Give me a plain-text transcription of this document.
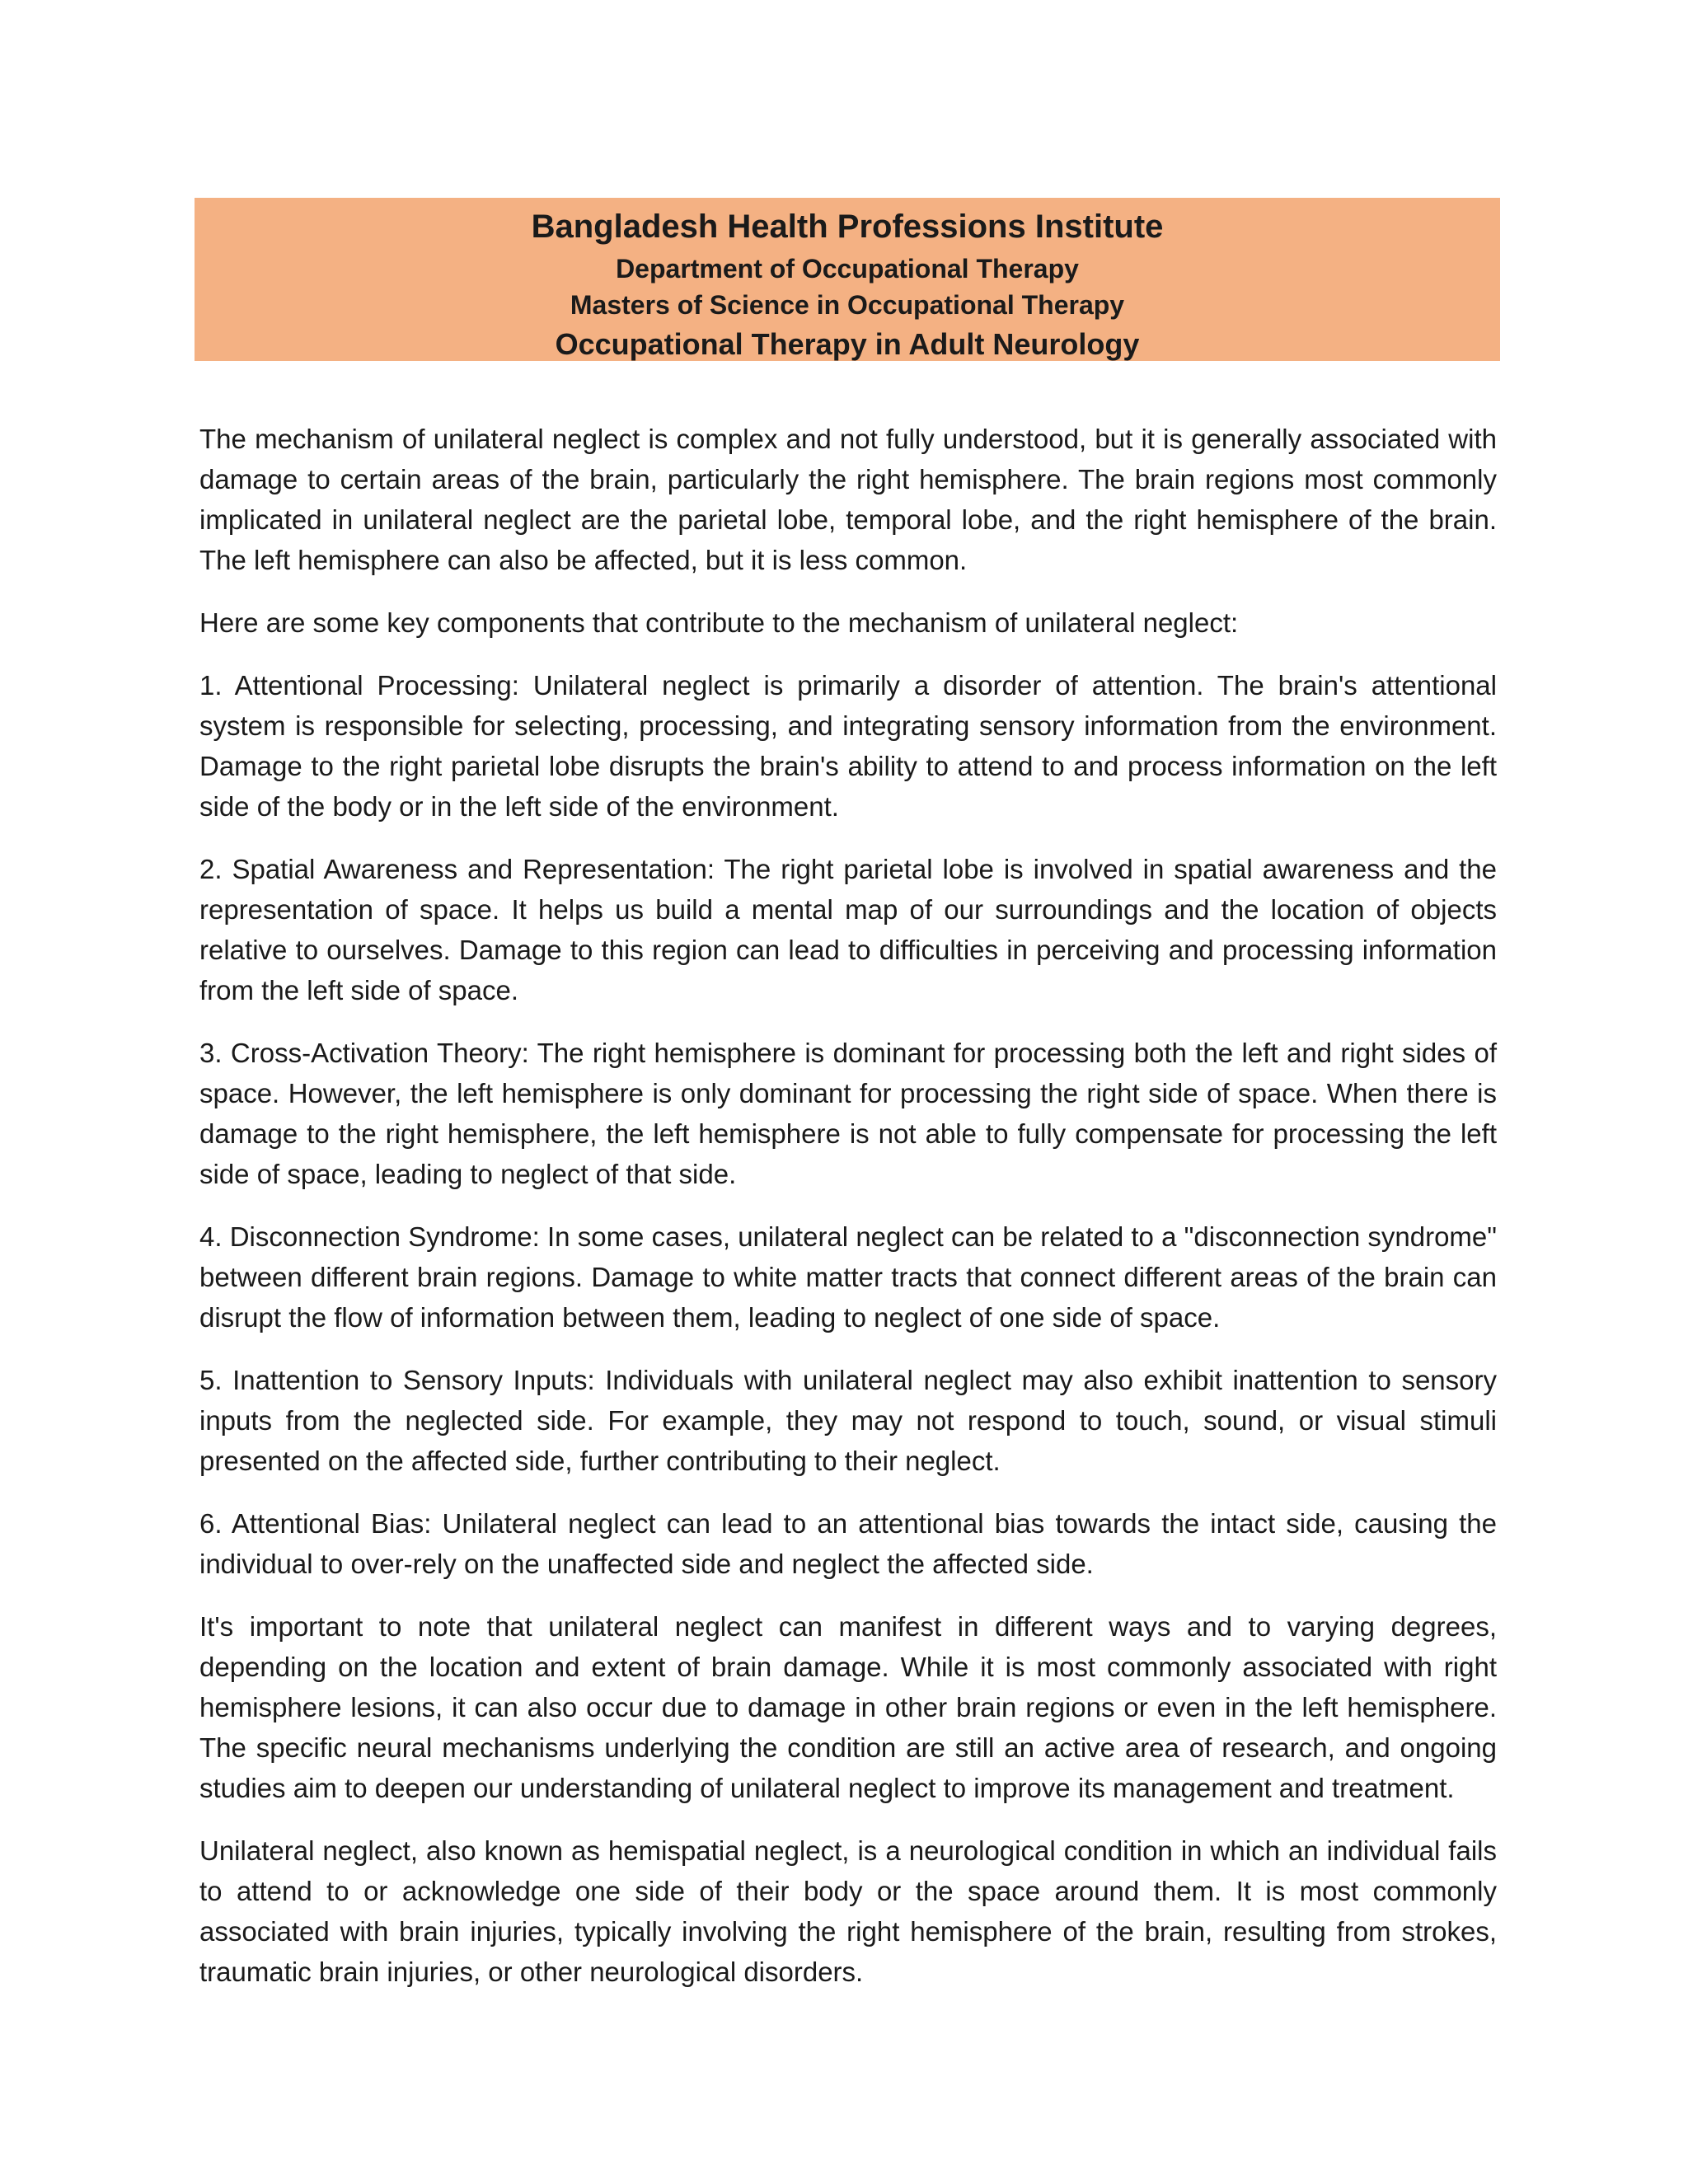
Bangladesh Health Professions Institute

Department of Occupational Therapy

Masters of Science in Occupational Therapy

Occupational Therapy in Adult Neurology

The mechanism of unilateral neglect is complex and not fully understood, but it is generally associated with damage to certain areas of the brain, particularly the right hemisphere. The brain regions most commonly implicated in unilateral neglect are the parietal lobe, temporal lobe, and the right hemisphere of the brain. The left hemisphere can also be affected, but it is less common.

Here are some key components that contribute to the mechanism of unilateral neglect:

1. Attentional Processing: Unilateral neglect is primarily a disorder of attention. The brain's attentional system is responsible for selecting, processing, and integrating sensory information from the environment. Damage to the right parietal lobe disrupts the brain's ability to attend to and process information on the left side of the body or in the left side of the environment.

2. Spatial Awareness and Representation: The right parietal lobe is involved in spatial awareness and the representation of space. It helps us build a mental map of our surroundings and the location of objects relative to ourselves. Damage to this region can lead to difficulties in perceiving and processing information from the left side of space.

3. Cross-Activation Theory: The right hemisphere is dominant for processing both the left and right sides of space. However, the left hemisphere is only dominant for processing the right side of space. When there is damage to the right hemisphere, the left hemisphere is not able to fully compensate for processing the left side of space, leading to neglect of that side.

4. Disconnection Syndrome: In some cases, unilateral neglect can be related to a "disconnection syndrome" between different brain regions. Damage to white matter tracts that connect different areas of the brain can disrupt the flow of information between them, leading to neglect of one side of space.

5. Inattention to Sensory Inputs: Individuals with unilateral neglect may also exhibit inattention to sensory inputs from the neglected side. For example, they may not respond to touch, sound, or visual stimuli presented on the affected side, further contributing to their neglect.

6. Attentional Bias: Unilateral neglect can lead to an attentional bias towards the intact side, causing the individual to over-rely on the unaffected side and neglect the affected side.

It's important to note that unilateral neglect can manifest in different ways and to varying degrees, depending on the location and extent of brain damage. While it is most commonly associated with right hemisphere lesions, it can also occur due to damage in other brain regions or even in the left hemisphere. The specific neural mechanisms underlying the condition are still an active area of research, and ongoing studies aim to deepen our understanding of unilateral neglect to improve its management and treatment.

Unilateral neglect, also known as hemispatial neglect, is a neurological condition in which an individual fails to attend to or acknowledge one side of their body or the space around them. It is most commonly associated with brain injuries, typically involving the right hemisphere of the brain, resulting from strokes, traumatic brain injuries, or other neurological disorders.
